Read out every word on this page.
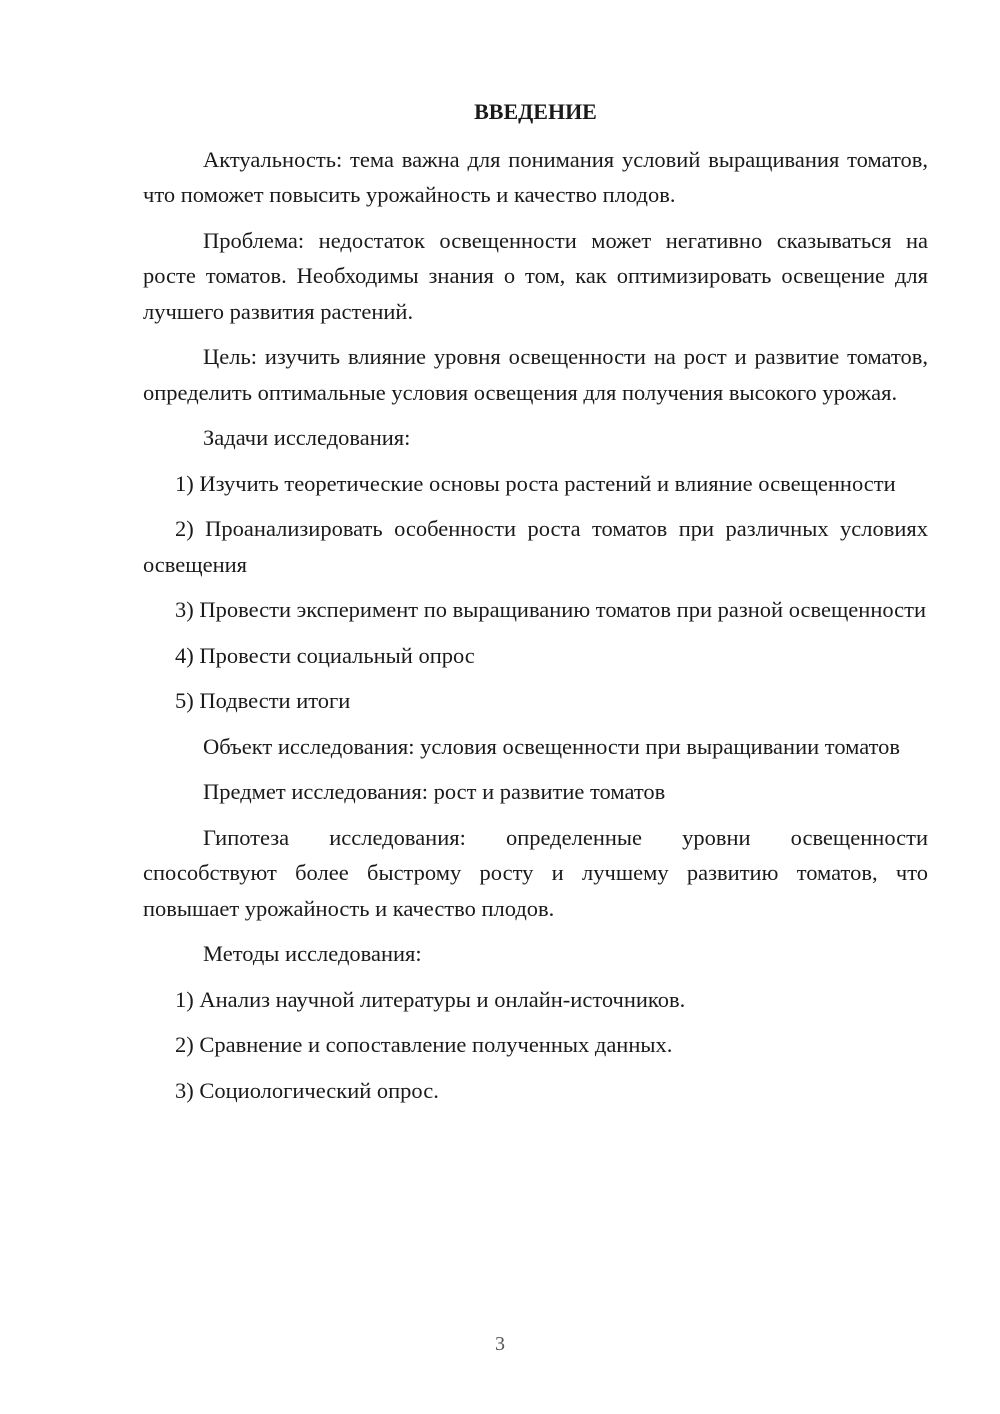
ВВЕДЕНИЕ

Актуальность: тема важна для понимания условий выращивания томатов, что поможет повысить урожайность и качество плодов.

Проблема: недостаток освещенности может негативно сказываться на росте томатов. Необходимы знания о том, как оптимизировать освещение для лучшего развития растений.

Цель: изучить влияние уровня освещенности на рост и развитие томатов, определить оптимальные условия освещения для получения высокого урожая.

Задачи исследования:

1) Изучить теоретические основы роста растений и влияние освещенности

2) Проанализировать особенности роста томатов при различных условиях освещения

3) Провести эксперимент по выращиванию томатов при разной освещенности

4) Провести социальный опрос

5) Подвести итоги

Объект исследования: условия освещенности при выращивании томатов

Предмет исследования: рост и развитие томатов

Гипотеза исследования: определенные уровни освещенности способствуют более быстрому росту и лучшему развитию томатов, что повышает урожайность и качество плодов.

Методы исследования:

1) Анализ научной литературы и онлайн-источников.

2) Сравнение и сопоставление полученных данных.

3) Социологический опрос.

3
